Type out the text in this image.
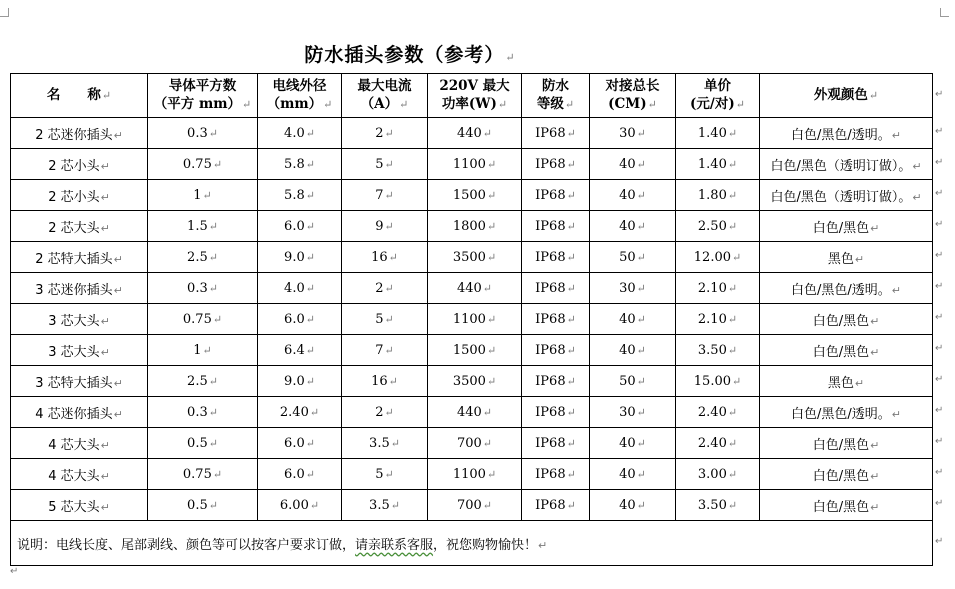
防水插头参数（参考）↵
名　　称↵	导体平方数
（平方 mm）↵	电线外径
（mm）↵	最大电流
（A）↵	220V 最大
功率(W)↵	防水
等级↵	对接总长
(CM)↵	单价
(元/对)↵	外观颜色↵
2 芯迷你插头↵	0.3↵	4.0↵	2↵	440↵	IP68↵	30↵	1.40↵	白色/黑色/透明。↵
2 芯小头↵	0.75↵	5.8↵	5↵	1100↵	IP68↵	40↵	1.40↵	白色/黑色（透明订做）。↵
2 芯小头↵	1↵	5.8↵	7↵	1500↵	IP68↵	40↵	1.80↵	白色/黑色（透明订做）。↵
2 芯大头↵	1.5↵	6.0↵	9↵	1800↵	IP68↵	40↵	2.50↵	白色/黑色↵
2 芯特大插头↵	2.5↵	9.0↵	16↵	3500↵	IP68↵	50↵	12.00↵	黑色↵
3 芯迷你插头↵	0.3↵	4.0↵	2↵	440↵	IP68↵	30↵	2.10↵	白色/黑色/透明。↵
3 芯大头↵	0.75↵	6.0↵	5↵	1100↵	IP68↵	40↵	2.10↵	白色/黑色↵
3 芯大头↵	1↵	6.4↵	7↵	1500↵	IP68↵	40↵	3.50↵	白色/黑色↵
3 芯特大插头↵	2.5↵	9.0↵	16↵	3500↵	IP68↵	50↵	15.00↵	黑色↵
4 芯迷你插头↵	0.3↵	2.40↵	2↵	440↵	IP68↵	30↵	2.40↵	白色/黑色/透明。↵
4 芯大头↵	0.5↵	6.0↵	3.5↵	700↵	IP68↵	40↵	2.40↵	白色/黑色↵
4 芯大头↵	0.75↵	6.0↵	5↵	1100↵	IP68↵	40↵	3.00↵	白色/黑色↵
5 芯大头↵	0.5↵	6.00↵	3.5↵	700↵	IP68↵	40↵	3.50↵	白色/黑色↵
说明：电线长度、尾部剥线、颜色等可以按客户要求订做，请亲联系客服，祝您购物愉快！↵								
↵
↵
↵
↵
↵
↵
↵
↵
↵
↵
↵
↵
↵
↵
↵
↵
